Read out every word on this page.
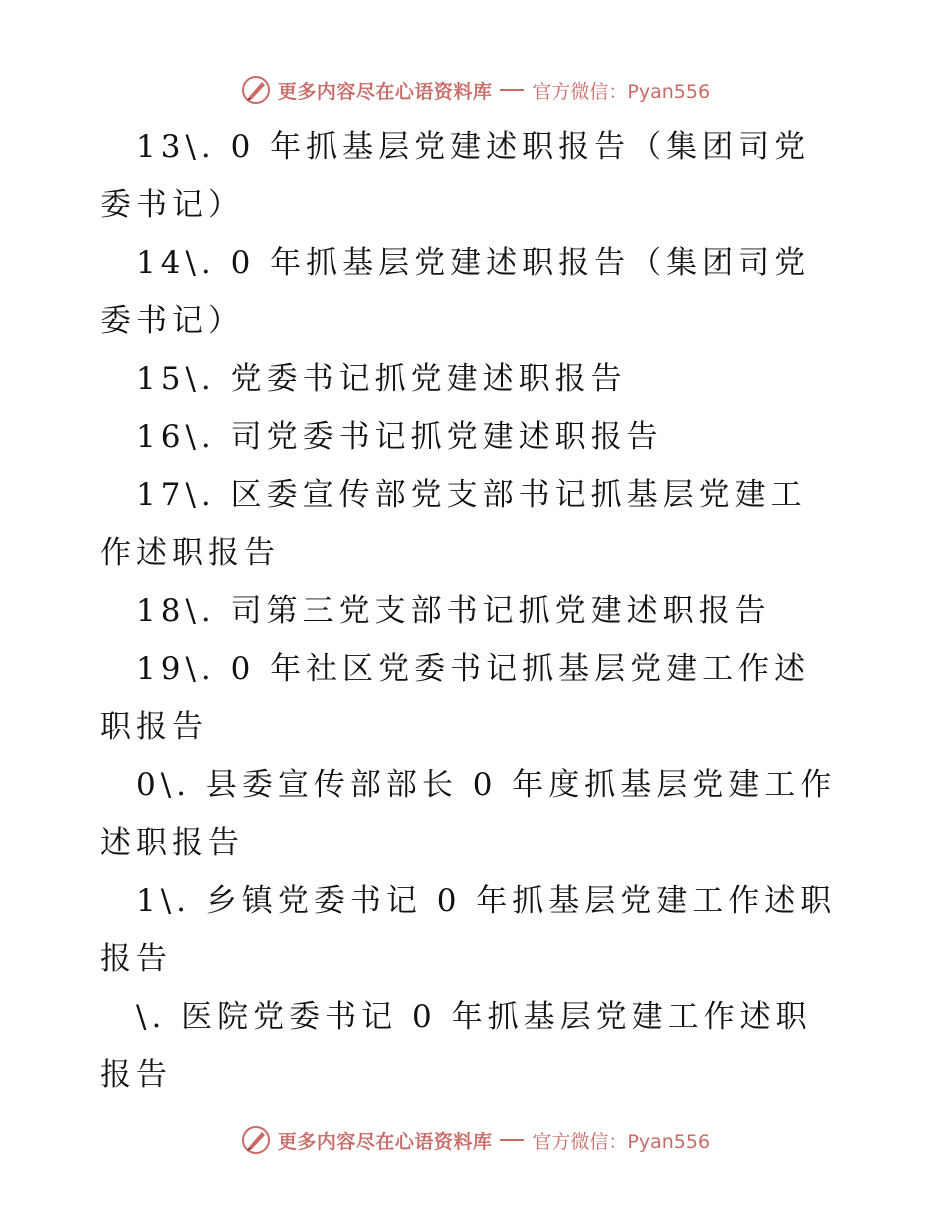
更多内容尽在心语资料库 官方微信：Pyan556

13\. 0 年抓基层党建述职报告（集团司党委书记）

14\. 0 年抓基层党建述职报告（集团司党委书记）

15\. 党委书记抓党建述职报告

16\. 司党委书记抓党建述职报告

17\. 区委宣传部党支部书记抓基层党建工作述职报告

18\. 司第三党支部书记抓党建述职报告

19\. 0 年社区党委书记抓基层党建工作述职报告

0\. 县委宣传部部长 0 年度抓基层党建工作述职报告

1\. 乡镇党委书记 0 年抓基层党建工作述职报告

\. 医院党委书记 0 年抓基层党建工作述职报告

更多内容尽在心语资料库 官方微信：Pyan556
